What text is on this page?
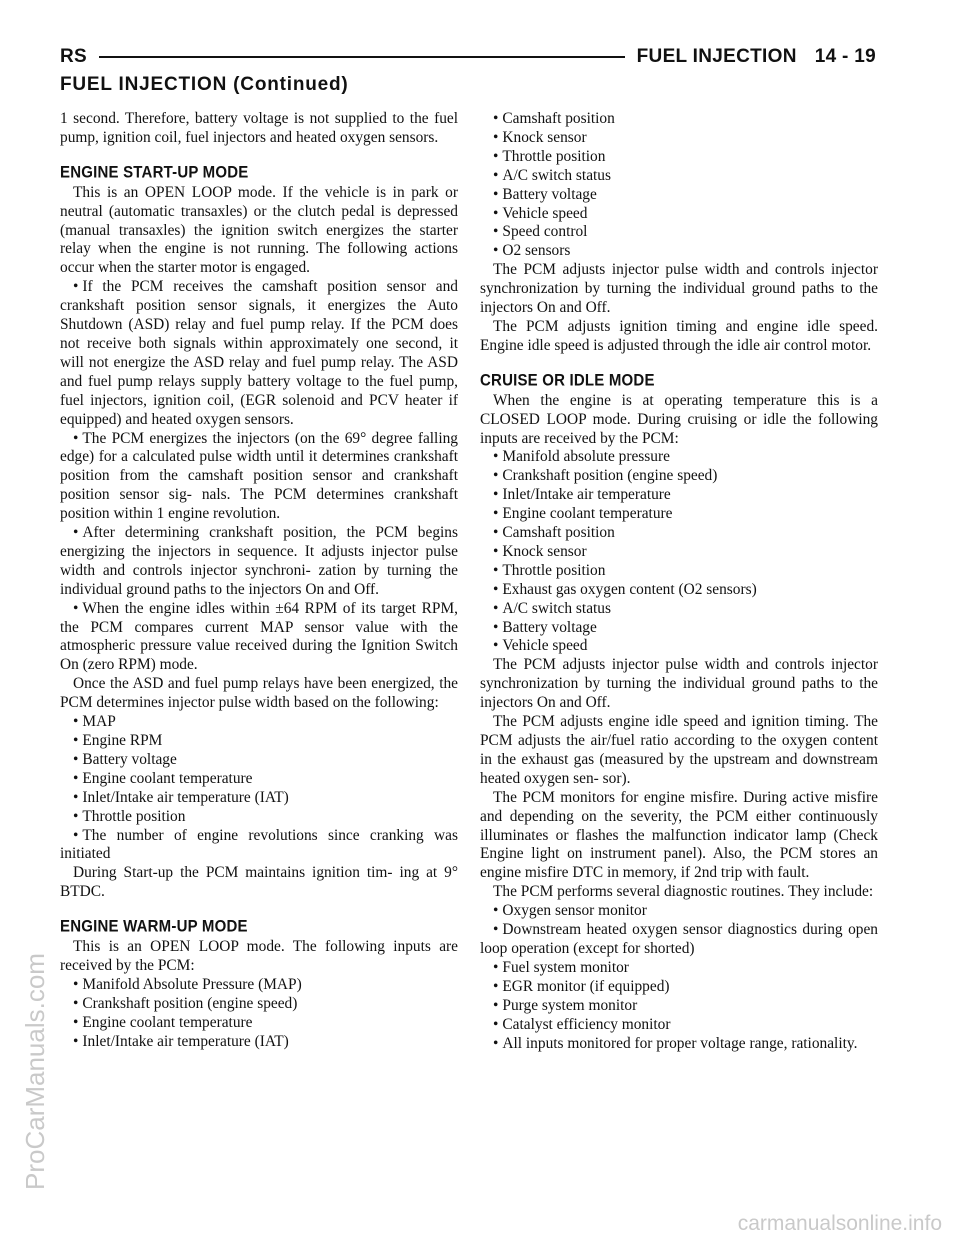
RS	FUEL INJECTION 14 - 19
FUEL INJECTION (Continued)

1 second. Therefore, battery voltage is not supplied to the fuel pump, ignition coil, fuel injectors and heated oxygen sensors.

ENGINE START-UP MODE

This is an OPEN LOOP mode. If the vehicle is in park or neutral (automatic transaxles) or the clutch pedal is depressed (manual transaxles) the ignition switch energizes the starter relay when the engine is not running. The following actions occur when the starter motor is engaged.

• If the PCM receives the camshaft position sensor and crankshaft position sensor signals, it energizes the Auto Shutdown (ASD) relay and fuel pump relay. If the PCM does not receive both signals within approximately one second, it will not energize the ASD relay and fuel pump relay. The ASD and fuel pump relays supply battery voltage to the fuel pump, fuel injectors, ignition coil, (EGR solenoid and PCV heater if equipped) and heated oxygen sensors.

• The PCM energizes the injectors (on the 69° degree falling edge) for a calculated pulse width until it determines crankshaft position from the camshaft position sensor and crankshaft position sensor sig- nals. The PCM determines crankshaft position within 1 engine revolution.

• After determining crankshaft position, the PCM begins energizing the injectors in sequence. It adjusts injector pulse width and controls injector synchroni- zation by turning the individual ground paths to the injectors On and Off.

• When the engine idles within ±64 RPM of its target RPM, the PCM compares current MAP sensor value with the atmospheric pressure value received during the Ignition Switch On (zero RPM) mode.

Once the ASD and fuel pump relays have been energized, the PCM determines injector pulse width based on the following:

• MAP

• Engine RPM

• Battery voltage

• Engine coolant temperature

• Inlet/Intake air temperature (IAT)

• Throttle position

• The number of engine revolutions since cranking was initiated

During Start-up the PCM maintains ignition tim- ing at 9° BTDC.

ENGINE WARM-UP MODE

This is an OPEN LOOP mode. The following inputs are received by the PCM:

• Manifold Absolute Pressure (MAP)

• Crankshaft position (engine speed)

• Engine coolant temperature

• Inlet/Intake air temperature (IAT)

• Camshaft position

• Knock sensor

• Throttle position

• A/C switch status

• Battery voltage

• Vehicle speed

• Speed control

• O2 sensors

The PCM adjusts injector pulse width and controls injector synchronization by turning the individual ground paths to the injectors On and Off.

The PCM adjusts ignition timing and engine idle speed. Engine idle speed is adjusted through the idle air control motor.

CRUISE OR IDLE MODE

When the engine is at operating temperature this is a CLOSED LOOP mode. During cruising or idle the following inputs are received by the PCM:

• Manifold absolute pressure

• Crankshaft position (engine speed)

• Inlet/Intake air temperature

• Engine coolant temperature

• Camshaft position

• Knock sensor

• Throttle position

• Exhaust gas oxygen content (O2 sensors)

• A/C switch status

• Battery voltage

• Vehicle speed

The PCM adjusts injector pulse width and controls injector synchronization by turning the individual ground paths to the injectors On and Off.

The PCM adjusts engine idle speed and ignition timing. The PCM adjusts the air/fuel ratio according to the oxygen content in the exhaust gas (measured by the upstream and downstream heated oxygen sen- sor).

The PCM monitors for engine misfire. During active misfire and depending on the severity, the PCM either continuously illuminates or flashes the malfunction indicator lamp (Check Engine light on instrument panel). Also, the PCM stores an engine misfire DTC in memory, if 2nd trip with fault.

The PCM performs several diagnostic routines. They include:

• Oxygen sensor monitor

• Downstream heated oxygen sensor diagnostics during open loop operation (except for shorted)

• Fuel system monitor

• EGR monitor (if equipped)

• Purge system monitor

• Catalyst efficiency monitor

• All inputs monitored for proper voltage range, rationality.

ProCarManuals.com
carmanualsonline.info
